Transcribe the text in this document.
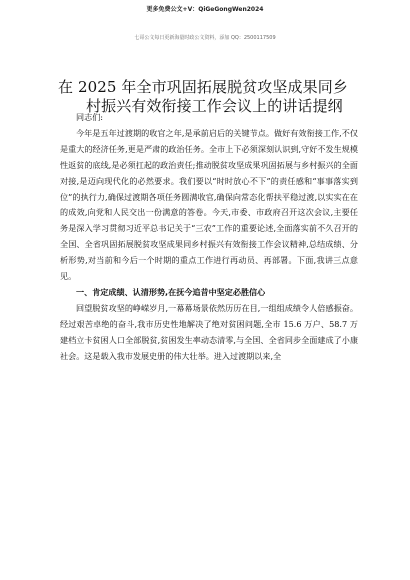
更多免费公文+V：QiGeGongWen2024
七哥公文每日更新海量时政公文资料，添加 QQ：2500117509
在 2025 年全市巩固拓展脱贫攻坚成果同乡
村振兴有效衔接工作会议上的讲话提纲

同志们:

今年是五年过渡期的收官之年,是承前启后的关键节点。做好有效衔接工作,不仅是重大的经济任务,更是严肃的政治任务。全市上下必须深刻认识到,守好不发生规模性返贫的底线,是必须扛起的政治责任;推动脱贫攻坚成果巩固拓展与乡村振兴的全面对接,是迈向现代化的必然要求。我们要以“时时放心不下”的责任感和“事事落实到位”的执行力,确保过渡期各项任务圆满收官,确保向常态化帮扶平稳过渡,以实实在在的成效,向党和人民交出一份满意的答卷。今天,市委、市政府召开这次会议,主要任务是深入学习贯彻习近平总书记关于“三农”工作的重要论述,全面落实前不久召开的全国、全省巩固拓展脱贫攻坚成果同乡村振兴有效衔接工作会议精神,总结成绩、分析形势,对当前和今后一个时期的重点工作进行再动员、再部署。下面,我讲三点意见。

一、肯定成绩、认清形势,在抚今追昔中坚定必胜信心

回望脱贫攻坚的峥嵘岁月,一幕幕场景依然历历在目,一组组成绩令人倍感振奋。经过艰苦卓绝的奋斗,我市历史性地解决了绝对贫困问题,全市 15.6 万户、58.7 万建档立卡贫困人口全部脱贫,贫困发生率动态清零,与全国、全省同步全面建成了小康社会。这是载入我市发展史册的伟大壮举。进入过渡期以来,全
